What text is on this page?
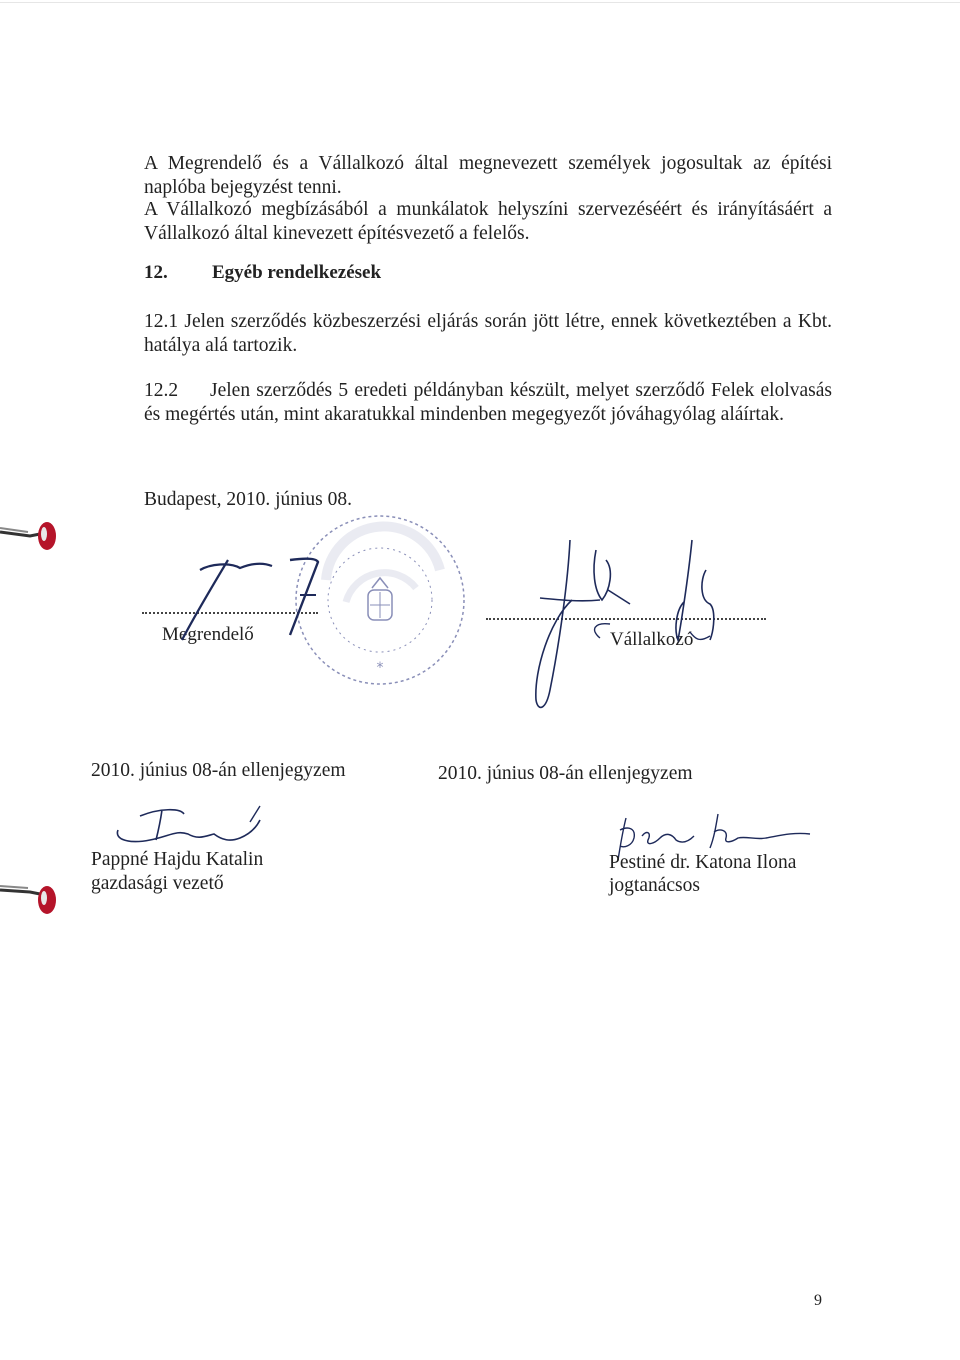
A Megrendelő és a Vállalkozó által megnevezett személyek jogosultak az építési naplóba bejegyzést tenni.

A Vállalkozó megbízásából a munkálatok helyszíni szervezéséért és irányításáért a Vállalkozó által kinevezett építésvezető a felelős.

12. Egyéb rendelkezések

12.1 Jelen szerződés közbeszerzési eljárás során jött létre, ennek következtében a Kbt. hatálya alá tartozik.

12.2 Jelen szerződés 5 eredeti példányban készült, melyet szerződő Felek elolvasás és megértés után, mint akaratukkal mindenben megegyezőt jóváhagyólag aláírtak.

Budapest, 2010. június 08.
Megrendelő	Vállalkozó
*
2010. június 08-án ellenjegyzem
Pappné Hajdu Katalin
gazdasági vezető
2010. június 08-án ellenjegyzem
Pestiné dr. Katona Ilona
jogtanácsos
9
